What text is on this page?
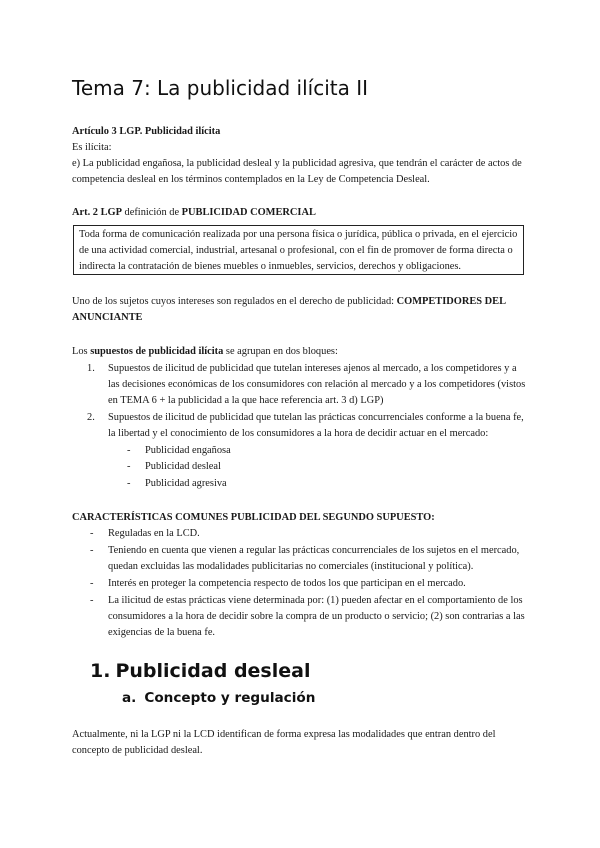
Tema 7: La publicidad ilícita II
Artículo 3 LGP. Publicidad ilícita
Es ilícita:
e) La publicidad engañosa, la publicidad desleal y la publicidad agresiva, que tendrán el carácter de actos de
competencia desleal en los términos contemplados en la Ley de Competencia Desleal.
Art. 2 LGP definición de PUBLICIDAD COMERCIAL
Toda forma de comunicación realizada por una persona física o jurídica, pública o privada, en el ejercicio
de una actividad comercial, industrial, artesanal o profesional, con el fin de promover de forma directa o
indirecta la contratación de bienes muebles o inmuebles, servicios, derechos y obligaciones.
Uno de los sujetos cuyos intereses son regulados en el derecho de publicidad: COMPETIDORES DEL
ANUNCIANTE
Los supuestos de publicidad ilícita se agrupan en dos bloques:
1. Supuestos de ilicitud de publicidad que tutelan intereses ajenos al mercado, a los competidores y a
las decisiones económicas de los consumidores con relación al mercado y a los competidores (vistos
en TEMA 6 + la publicidad a la que hace referencia art. 3 d) LGP)
2. Supuestos de ilicitud de publicidad que tutelan las prácticas concurrenciales conforme a la buena fe,
la libertad y el conocimiento de los consumidores a la hora de decidir actuar en el mercado:
- Publicidad engañosa
- Publicidad desleal
- Publicidad agresiva
CARACTERÍSTICAS COMUNES PUBLICIDAD DEL SEGUNDO SUPUESTO:
- Reguladas en la LCD.
- Teniendo en cuenta que vienen a regular las prácticas concurrenciales de los sujetos en el mercado,
quedan excluidas las modalidades publicitarias no comerciales (institucional y política).
- Interés en proteger la competencia respecto de todos los que participan en el mercado.
- La ilicitud de estas prácticas viene determinada por: (1) pueden afectar en el comportamiento de los
consumidores a la hora de decidir sobre la compra de un producto o servicio; (2) son contrarias a las
exigencias de la buena fe.
1. Publicidad desleal
a. Concepto y regulación
Actualmente, ni la LGP ni la LCD identifican de forma expresa las modalidades que entran dentro del
concepto de publicidad desleal.
